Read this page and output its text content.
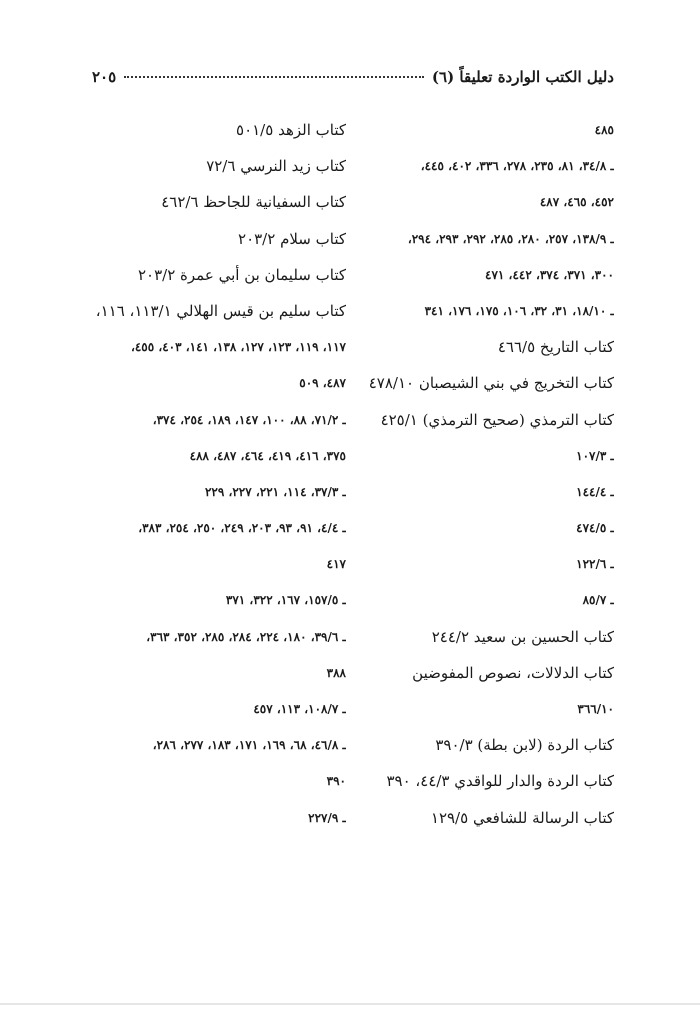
دليل الكتب الواردة تعليقاً (٦)
٢٠٥
٤٨٥
ـ ٣٤/٨، ٨١، ٢٣٥، ٢٧٨، ٣٣٦، ٤٠٢، ٤٤٥،
٤٥٢، ٤٦٥، ٤٨٧
ـ ١٣٨/٩، ٢٥٧، ٢٨٠، ٢٨٥، ٢٩٢، ٢٩٣، ٢٩٤،
٣٠٠، ٣٧١، ٣٧٤، ٤٤٢، ٤٧١
ـ ١٨/١٠، ٣١، ٣٢، ١٠٦، ١٧٥، ١٧٦، ٣٤١
كتاب التاريخ ٤٦٦/٥
كتاب التخريج في بني الشيصبان ٤٧٨/١٠
كتاب الترمذي (صحيح الترمذي) ٤٢٥/١
ـ ١٠٧/٣
ـ ١٤٤/٤
ـ ٤٧٤/٥
ـ ١٢٢/٦
ـ ٨٥/٧
كتاب الحسين بن سعيد ٢٤٤/٢
كتاب الدلالات، نصوص المفوضين
٣٦٦/١٠
كتاب الردة (لابن بطة) ٣٩٠/٣
كتاب الردة والدار للواقدي ٤٤/٣، ٣٩٠
كتاب الرسالة للشافعي ١٢٩/٥
كتاب الزهد ٥٠١/٥
كتاب زيد النرسي ٧٢/٦
كتاب السفيانية للجاحظ ٤٦٢/٦
كتاب سلام ٢٠٣/٢
كتاب سليمان بن أبي عمرة ٢٠٣/٢
كتاب سليم بن قيس الهلالي ١١٣/١، ١١٦،
١١٧، ١١٩، ١٢٣، ١٢٧، ١٣٨، ١٤١، ٤٠٣، ٤٥٥،
٤٨٧، ٥٠٩
ـ ٧١/٢، ٨٨، ١٠٠، ١٤٧، ١٨٩، ٢٥٤، ٣٧٤،
٣٧٥، ٤١٦، ٤١٩، ٤٦٤، ٤٨٧، ٤٨٨
ـ ٣٧/٣، ١١٤، ٢٢١، ٢٢٧، ٢٢٩
ـ ٤/٤، ٩١، ٩٣، ٢٠٣، ٢٤٩، ٢٥٠، ٢٥٤، ٣٨٣،
٤١٧
ـ ١٥٧/٥، ١٦٧، ٣٢٢، ٣٧١
ـ ٣٩/٦، ١٨٠، ٢٢٤، ٢٨٤، ٢٨٥، ٣٥٢، ٣٦٣،
٣٨٨
ـ ١٠٨/٧، ١١٣، ٤٥٧
ـ ٤٦/٨، ٦٨، ١٦٩، ١٧١، ١٨٣، ٢٧٧، ٢٨٦،
٣٩٠
ـ ٢٢٧/٩
